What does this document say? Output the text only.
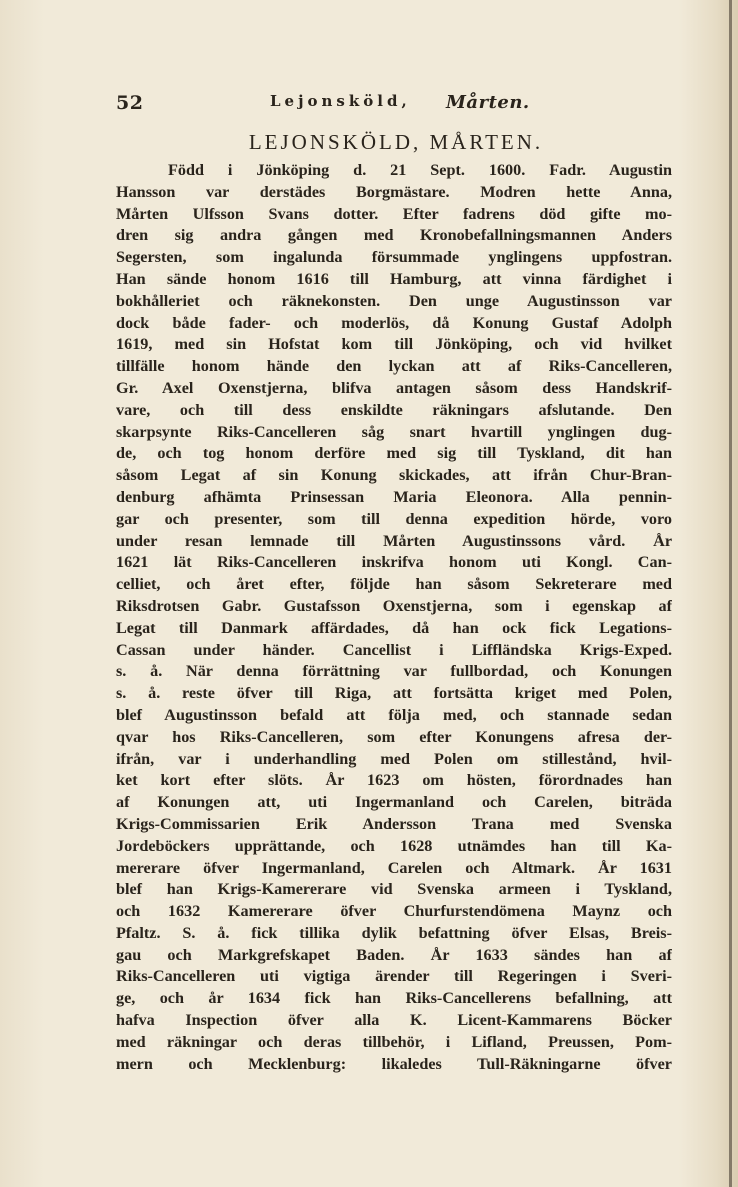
52	Lejonsköld, Mårten.
LEJONSKÖLD, MÅRTEN.
Född i Jönköping d. 21 Sept. 1600. Fadr. Augustin
Hansson var derstädes Borgmästare. Modren hette Anna,
Mårten Ulfsson Svans dotter. Efter fadrens död gifte mo-
dren sig andra gången med Kronobefallningsmannen Anders
Segersten, som ingalunda försummade ynglingens uppfostran.
Han sände honom 1616 till Hamburg, att vinna färdighet i
bokhålleriet och räknekonsten. Den unge Augustinsson var
dock både fader- och moderlös, då Konung Gustaf Adolph
1619, med sin Hofstat kom till Jönköping, och vid hvilket
tillfälle honom hände den lyckan att af Riks-Cancelleren,
Gr. Axel Oxenstjerna, blifva antagen såsom dess Handskrif-
vare, och till dess enskildte räkningars afslutande. Den
skarpsynte Riks-Cancelleren såg snart hvartill ynglingen dug-
de, och tog honom derföre med sig till Tyskland, dit han
såsom Legat af sin Konung skickades, att ifrån Chur-Bran-
denburg afhämta Prinsessan Maria Eleonora. Alla pennin-
gar och presenter, som till denna expedition hörde, voro
under resan lemnade till Mårten Augustinssons vård. År
1621 lät Riks-Cancelleren inskrifva honom uti Kongl. Can-
celliet, och året efter, följde han såsom Sekreterare med
Riksdrotsen Gabr. Gustafsson Oxenstjerna, som i egenskap af
Legat till Danmark affärdades, då han ock fick Legations-
Cassan under händer. Cancellist i Liffländska Krigs-Exped.
s. å. När denna förrättning var fullbordad, och Konungen
s. å. reste öfver till Riga, att fortsätta kriget med Polen,
blef Augustinsson befald att följa med, och stannade sedan
qvar hos Riks-Cancelleren, som efter Konungens afresa der-
ifrån, var i underhandling med Polen om stillestånd, hvil-
ket kort efter slöts. År 1623 om hösten, förordnades han
af Konungen att, uti Ingermanland och Carelen, biträda
Krigs-Commissarien Erik Andersson Trana med Svenska
Jordeböckers upprättande, och 1628 utnämdes han till Ka-
mererare öfver Ingermanland, Carelen och Altmark. År 1631
blef han Krigs-Kamererare vid Svenska armeen i Tyskland,
och 1632 Kamererare öfver Churfurstendömena Maynz och
Pfaltz. S. å. fick tillika dylik befattning öfver Elsas, Breis-
gau och Markgrefskapet Baden. År 1633 sändes han af
Riks-Cancelleren uti vigtiga ärender till Regeringen i Sveri-
ge, och år 1634 fick han Riks-Cancellerens befallning, att
hafva Inspection öfver alla K. Licent-Kammarens Böcker
med räkningar och deras tillbehör, i Lifland, Preussen, Pom-
mern och Mecklenburg: likaledes Tull-Räkningarne öfver
